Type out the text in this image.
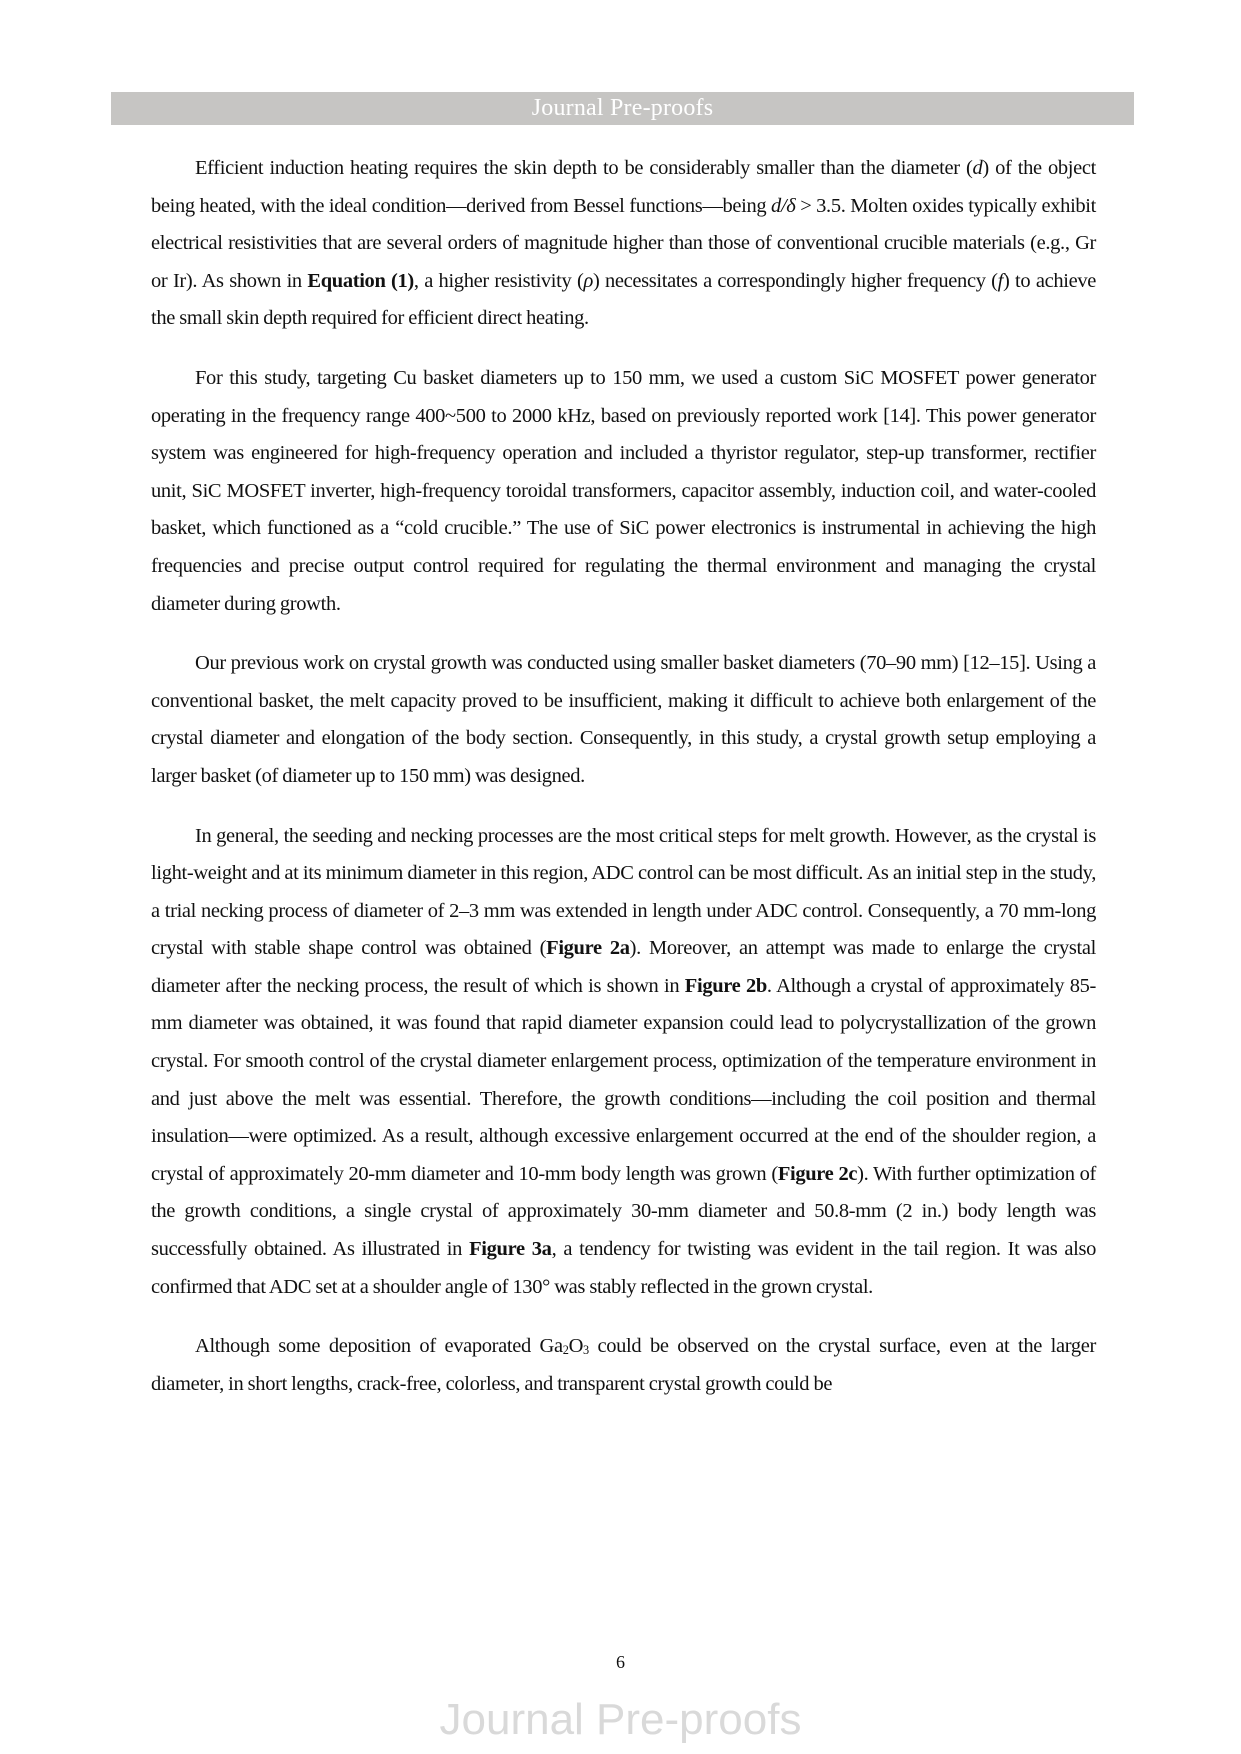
Journal Pre-proofs

Efficient induction heating requires the skin depth to be considerably smaller than the diameter (d) of the object being heated, with the ideal condition—derived from Bessel functions—being d/δ > 3.5. Molten oxides typically exhibit electrical resistivities that are several orders of magnitude higher than those of conventional crucible materials (e.g., Gr or Ir). As shown in Equation (1), a higher resistivity (ρ) necessitates a correspondingly higher frequency (f) to achieve the small skin depth required for efficient direct heating.

For this study, targeting Cu basket diameters up to 150 mm, we used a custom SiC MOSFET power generator operating in the frequency range 400~500 to 2000 kHz, based on previously reported work [14]. This power generator system was engineered for high-frequency operation and included a thyristor regulator, step-up transformer, rectifier unit, SiC MOSFET inverter, high-frequency toroidal transformers, capacitor assembly, induction coil, and water-cooled basket, which functioned as a “cold crucible.” The use of SiC power electronics is instrumental in achieving the high frequencies and precise output control required for regulating the thermal environment and managing the crystal diameter during growth.

Our previous work on crystal growth was conducted using smaller basket diameters (70–90 mm) [12–15]. Using a conventional basket, the melt capacity proved to be insufficient, making it difficult to achieve both enlargement of the crystal diameter and elongation of the body section. Consequently, in this study, a crystal growth setup employing a larger basket (of diameter up to 150 mm) was designed.

In general, the seeding and necking processes are the most critical steps for melt growth. However, as the crystal is light-weight and at its minimum diameter in this region, ADC control can be most difficult. As an initial step in the study, a trial necking process of diameter of 2–3 mm was extended in length under ADC control. Consequently, a 70 mm-long crystal with stable shape control was obtained (Figure 2a). Moreover, an attempt was made to enlarge the crystal diameter after the necking process, the result of which is shown in Figure 2b. Although a crystal of approximately 85-mm diameter was obtained, it was found that rapid diameter expansion could lead to polycrystallization of the grown crystal. For smooth control of the crystal diameter enlargement process, optimization of the temperature environment in and just above the melt was essential. Therefore, the growth conditions—including the coil position and thermal insulation—were optimized. As a result, although excessive enlargement occurred at the end of the shoulder region, a crystal of approximately 20-mm diameter and 10-mm body length was grown (Figure 2c). With further optimization of the growth conditions, a single crystal of approximately 30-mm diameter and 50.8-mm (2 in.) body length was successfully obtained. As illustrated in Figure 3a, a tendency for twisting was evident in the tail region. It was also confirmed that ADC set at a shoulder angle of 130° was stably reflected in the grown crystal.

Although some deposition of evaporated $Ga_2O_3$ could be observed on the crystal surface, even at the larger diameter, in short lengths, crack-free, colorless, and transparent crystal growth could be

6
Journal Pre-proofs
